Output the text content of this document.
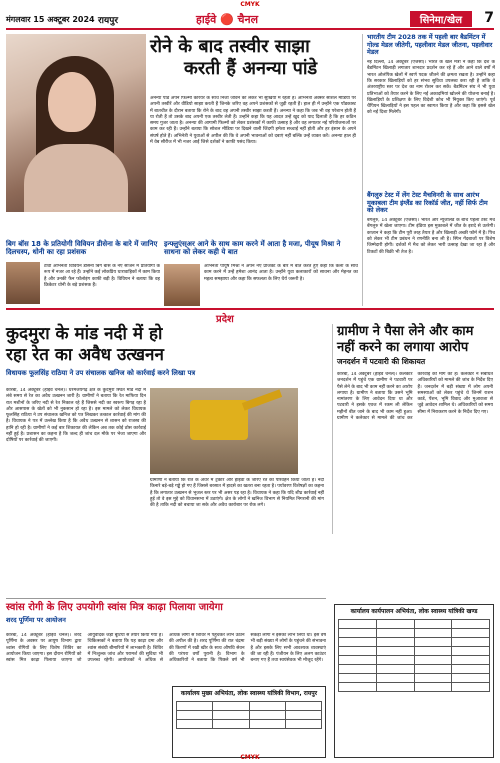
CMYK
मंगलवार 15 अक्टूबर 2024 रायपुर	हाईवे 🔴 चैनल	सिनेमा/खेल	7
रोने के बाद तस्वीर साझा
करती हैं अनन्या पांडे
अनन्या पांडे अपने फिल्मी करियर के साथ निजी जीवन को लेकर भी सुर्खियों में रहती हैं। अभिनेत्री अक्सर सोशल मीडिया पर अपनी तस्वीरें और वीडियो साझा करती हैं जिनके जरिए वह अपने प्रशंसकों से जुड़ी रहती हैं। हाल ही में उन्होंने एक पॉडकास्ट में बातचीत के दौरान बताया कि रोने के बाद वह अपनी तस्वीर साझा करती हैं। अनन्या ने कहा कि जब भी वह परेशान होती हैं या रोती हैं तो उसके बाद अपनी एक तस्वीर लेती हैं। उन्होंने कहा कि यह आदत उन्हें खुद को याद दिलाती है कि हर कठिन समय गुजर जाता है। अनन्या की आगामी फिल्मों को लेकर प्रशंसकों में काफी उत्साह है और वह लगातार नई परियोजनाओं पर काम कर रही हैं। उन्होंने बताया कि सोशल मीडिया पर दिखने वाली जिंदगी हमेशा सच्चाई नहीं होती और हर इंसान के अपने संघर्ष होते हैं। अभिनेत्री ने युवाओं से अपील की कि वे अपनी भावनाओं को दबाएं नहीं बल्कि उन्हें व्यक्त करें। अनन्या हाल ही में वेब सीरीज में भी नजर आईं जिसे दर्शकों ने काफी पसंद किया।
भारतीय टीम 2028 तक में पहली बार बैडमिंटन में गोल्ड मेडल जीतेगी, पहलीवार मेडल जीतना, पहलीवार मेडल
नई दिल्ली, 14 अक्टूबर (एजेंसी)। भारत के खेल मंत्री ने कहा कि देश के बैडमिंटन खिलाड़ी लगातार शानदार प्रदर्शन कर रहे हैं और आने वाले वर्षों में भारत ओलंपिक खेलों में स्वर्ण पदक जीतने की क्षमता रखता है। उन्होंने कहा कि सरकार खिलाड़ियों को हर संभव सुविधा उपलब्ध करा रही है ताकि वे अंतरराष्ट्रीय स्तर पर देश का नाम रोशन कर सकें। बैडमिंटन संघ ने भी युवा प्रतिभाओं को तैयार करने के लिए नई अकादमियां खोलने की योजना बनाई है। खिलाड़ियों के प्रशिक्षण के लिए विदेशी कोच भी नियुक्त किए जाएंगे। पूर्व चैंपियन खिलाड़ियों ने इस पहल का स्वागत किया है और कहा कि इससे खेल को नई दिशा मिलेगी।
बैंगलुरु टेस्ट में लेंग टेस्ट मैचविनरी के साथ आरंभ मुकाबला टीम इंग्लैंड का रिकॉर्ड जीत, नहीं सिर्फ टीम को लेकर
बेंगलुरु, 14 अक्टूबर (एजेंसी)। भारत और न्यूजीलैंड के बीच पहला टेस्ट मैच बेंगलुरु में खेला जाएगा। टीम इंडिया इस मुकाबले में जीत के इरादे से उतरेगी। कप्तान ने कहा कि टीम पूरी तरह तैयार है और खिलाड़ी अच्छी फॉर्म में हैं। पिच को लेकर भी टीम प्रबंधन ने रणनीति बना ली है। स्पिन गेंदबाजों पर विशेष जिम्मेदारी होगी। दर्शकों में मैच को लेकर भारी उत्साह देखा जा रहा है और टिकटों की बिक्री भी तेज है।
बिग बॉस 18 के प्रतियोगी विवियन डीसेना के बारे में जानिए दिलचस्प, धोनी का रहा प्रशंसक
टीवी अभिनेता विवियन डीसेना बिग बॉस के नए सीजन में प्रतियोगी के रूप में नजर आ रहे हैं। उन्होंने कई लोकप्रिय धारावाहिकों में काम किया है और उनकी फैन फॉलोइंग काफी बड़ी है। विवियन ने बताया कि वह क्रिकेटर धोनी के बड़े प्रशंसक हैं।
इन्फ्लुएंस्अर आने के साथ काम करने में आता है मजा, पीयूष मिश्रा ने साधना को लेकर कही ये बात
अभिनेता पीयूष मिश्रा ने अपने नए प्रोजेक्ट के बारे में बात करते हुए कहा कि कला के साथ काम करने में उन्हें हमेशा आनंद आता है। उन्होंने युवा कलाकारों को साधना और मेहनत का महत्व समझाया और कहा कि सफलता के लिए धैर्य जरूरी है।
प्रदेश
कुदमुरा के मांड नदी में हो
रहा रेत का अवैध उत्खनन
विधायक फूलसिंह राठिया ने उप संचालक खनिज को कार्रवाई करने लिखा पत्र
कोरबा, 14 अक्टूबर (हाईवे चैनल)। धरमजयगढ़ क्षेत्र के कुदमुरा स्थित मांड नदी में लंबे समय से रेत का अवैध उत्खनन जारी है। ग्रामीणों ने बताया कि रेत माफिया दिन रात मशीनों के जरिए नदी से रेत निकाल रहे हैं जिससे नदी का स्वरूप बिगड़ रहा है और आसपास के खेतों को भी नुकसान हो रहा है। इस मामले को लेकर विधायक फूलसिंह राठिया ने उप संचालक खनिज को पत्र लिखकर तत्काल कार्रवाई की मांग की है। विधायक ने पत्र में उल्लेख किया है कि अवैध उत्खनन से शासन को राजस्व की हानि हो रही है। ग्रामीणों ने कई बार शिकायत की लेकिन अब तक कोई ठोस कार्रवाई नहीं हुई है। प्रशासन का कहना है कि जल्द ही जांच दल मौके पर भेजा जाएगा और दोषियों पर कार्रवाई की जाएगी।
ग्रामीणों ने बताया कि रात के अंधेरे में ट्रैक्टर और हाईवा के जरिए रेत का परिवहन किया जाता है। नदी किनारे बड़े-बड़े गड्ढे हो गए हैं जिससे बरसात में हादसे का खतरा बना रहता है। पर्यावरण विशेषज्ञों का कहना है कि लगातार उत्खनन से भूजल स्तर पर भी असर पड़ रहा है। विधायक ने कहा कि यदि शीघ्र कार्रवाई नहीं हुई तो वे इस मुद्दे को विधानसभा में उठाएंगे। क्षेत्र के लोगों ने खनिज विभाग से नियमित निगरानी की मांग की है ताकि नदी को बचाया जा सके और अवैध कारोबार पर रोक लगे।
स्वांस रोगी के लिए उपयोगी स्वांस मित्र काढ़ा पिलाया जायेगा
शरद पूर्णिमा पर आयोजन
कोरबा, 14 अक्टूबर (हाईवे चैनल)। शरद पूर्णिमा के अवसर पर आयुष विभाग द्वारा श्वांस रोगियों के लिए विशेष शिविर का आयोजन किया जाएगा। इस दौरान रोगियों को स्वांस मित्र काढ़ा पिलाया जाएगा जो आयुर्वेदिक जड़ी बूटियों से तैयार किया गया है। चिकित्सकों ने बताया कि यह काढ़ा दमा और श्वांस संबंधी बीमारियों में लाभकारी है। शिविर में निःशुल्क जांच और परामर्श की सुविधा भी उपलब्ध रहेगी। आयोजकों ने अधिक से अधिक लोगों से शिविर में पहुंचकर लाभ उठाने की अपील की है। शरद पूर्णिमा की रात चंद्रमा की किरणों में रखी खीर के साथ औषधि सेवन की परंपरा वर्षों पुरानी है। विभाग के अधिकारियों ने बताया कि पिछले वर्ष भी सैकड़ों लोगों ने इसका लाभ लिया था। इस वर्ष भी बड़ी संख्या में लोगों के पहुंचने की संभावना है और इसके लिए सभी आवश्यक व्यवस्थाएं की जा रही हैं। पंजीयन के लिए अलग काउंटर बनाए गए हैं तथा स्वयंसेवक भी मौजूद रहेंगे।
ग्रामीण ने पैसा लेने और काम
नहीं करने का लगाया आरोप
जनदर्शन में पटवारी की शिकायत
कोरबा, 14 अक्टूबर (हाईवे चैनल)। कलेक्टर जनदर्शन में पहुंचे एक ग्रामीण ने पटवारी पर पैसे लेने के बाद भी काम नहीं करने का आरोप लगाया है। ग्रामीण ने बताया कि उसने भूमि नामांतरण के लिए आवेदन दिया था और पटवारी ने इसके एवज में रकम ली लेकिन महीनों बीत जाने के बाद भी काम नहीं हुआ। ग्रामीण ने कलेक्टर से मामले की जांच कर कार्रवाई की मांग की है। कलेक्टर ने संबंधित अधिकारियों को मामले की जांच के निर्देश दिए हैं। जनदर्शन में बड़ी संख्या में लोग अपनी समस्याओं को लेकर पहुंचे थे जिनमें राशन कार्ड, पेंशन, भूमि विवाद और मुआवजा से जुड़े आवेदन शामिल थे। अधिकारियों को समय सीमा में निराकरण करने के निर्देश दिए गए।
कार्यालय मुख्य अभियंता, लोक स्वास्थ्य यांत्रिकी विभाग, रायपुर

कार्यालय कार्यपालन अभियंता, लोक स्वास्थ्य यांत्रिकी खण्ड

CMYK
